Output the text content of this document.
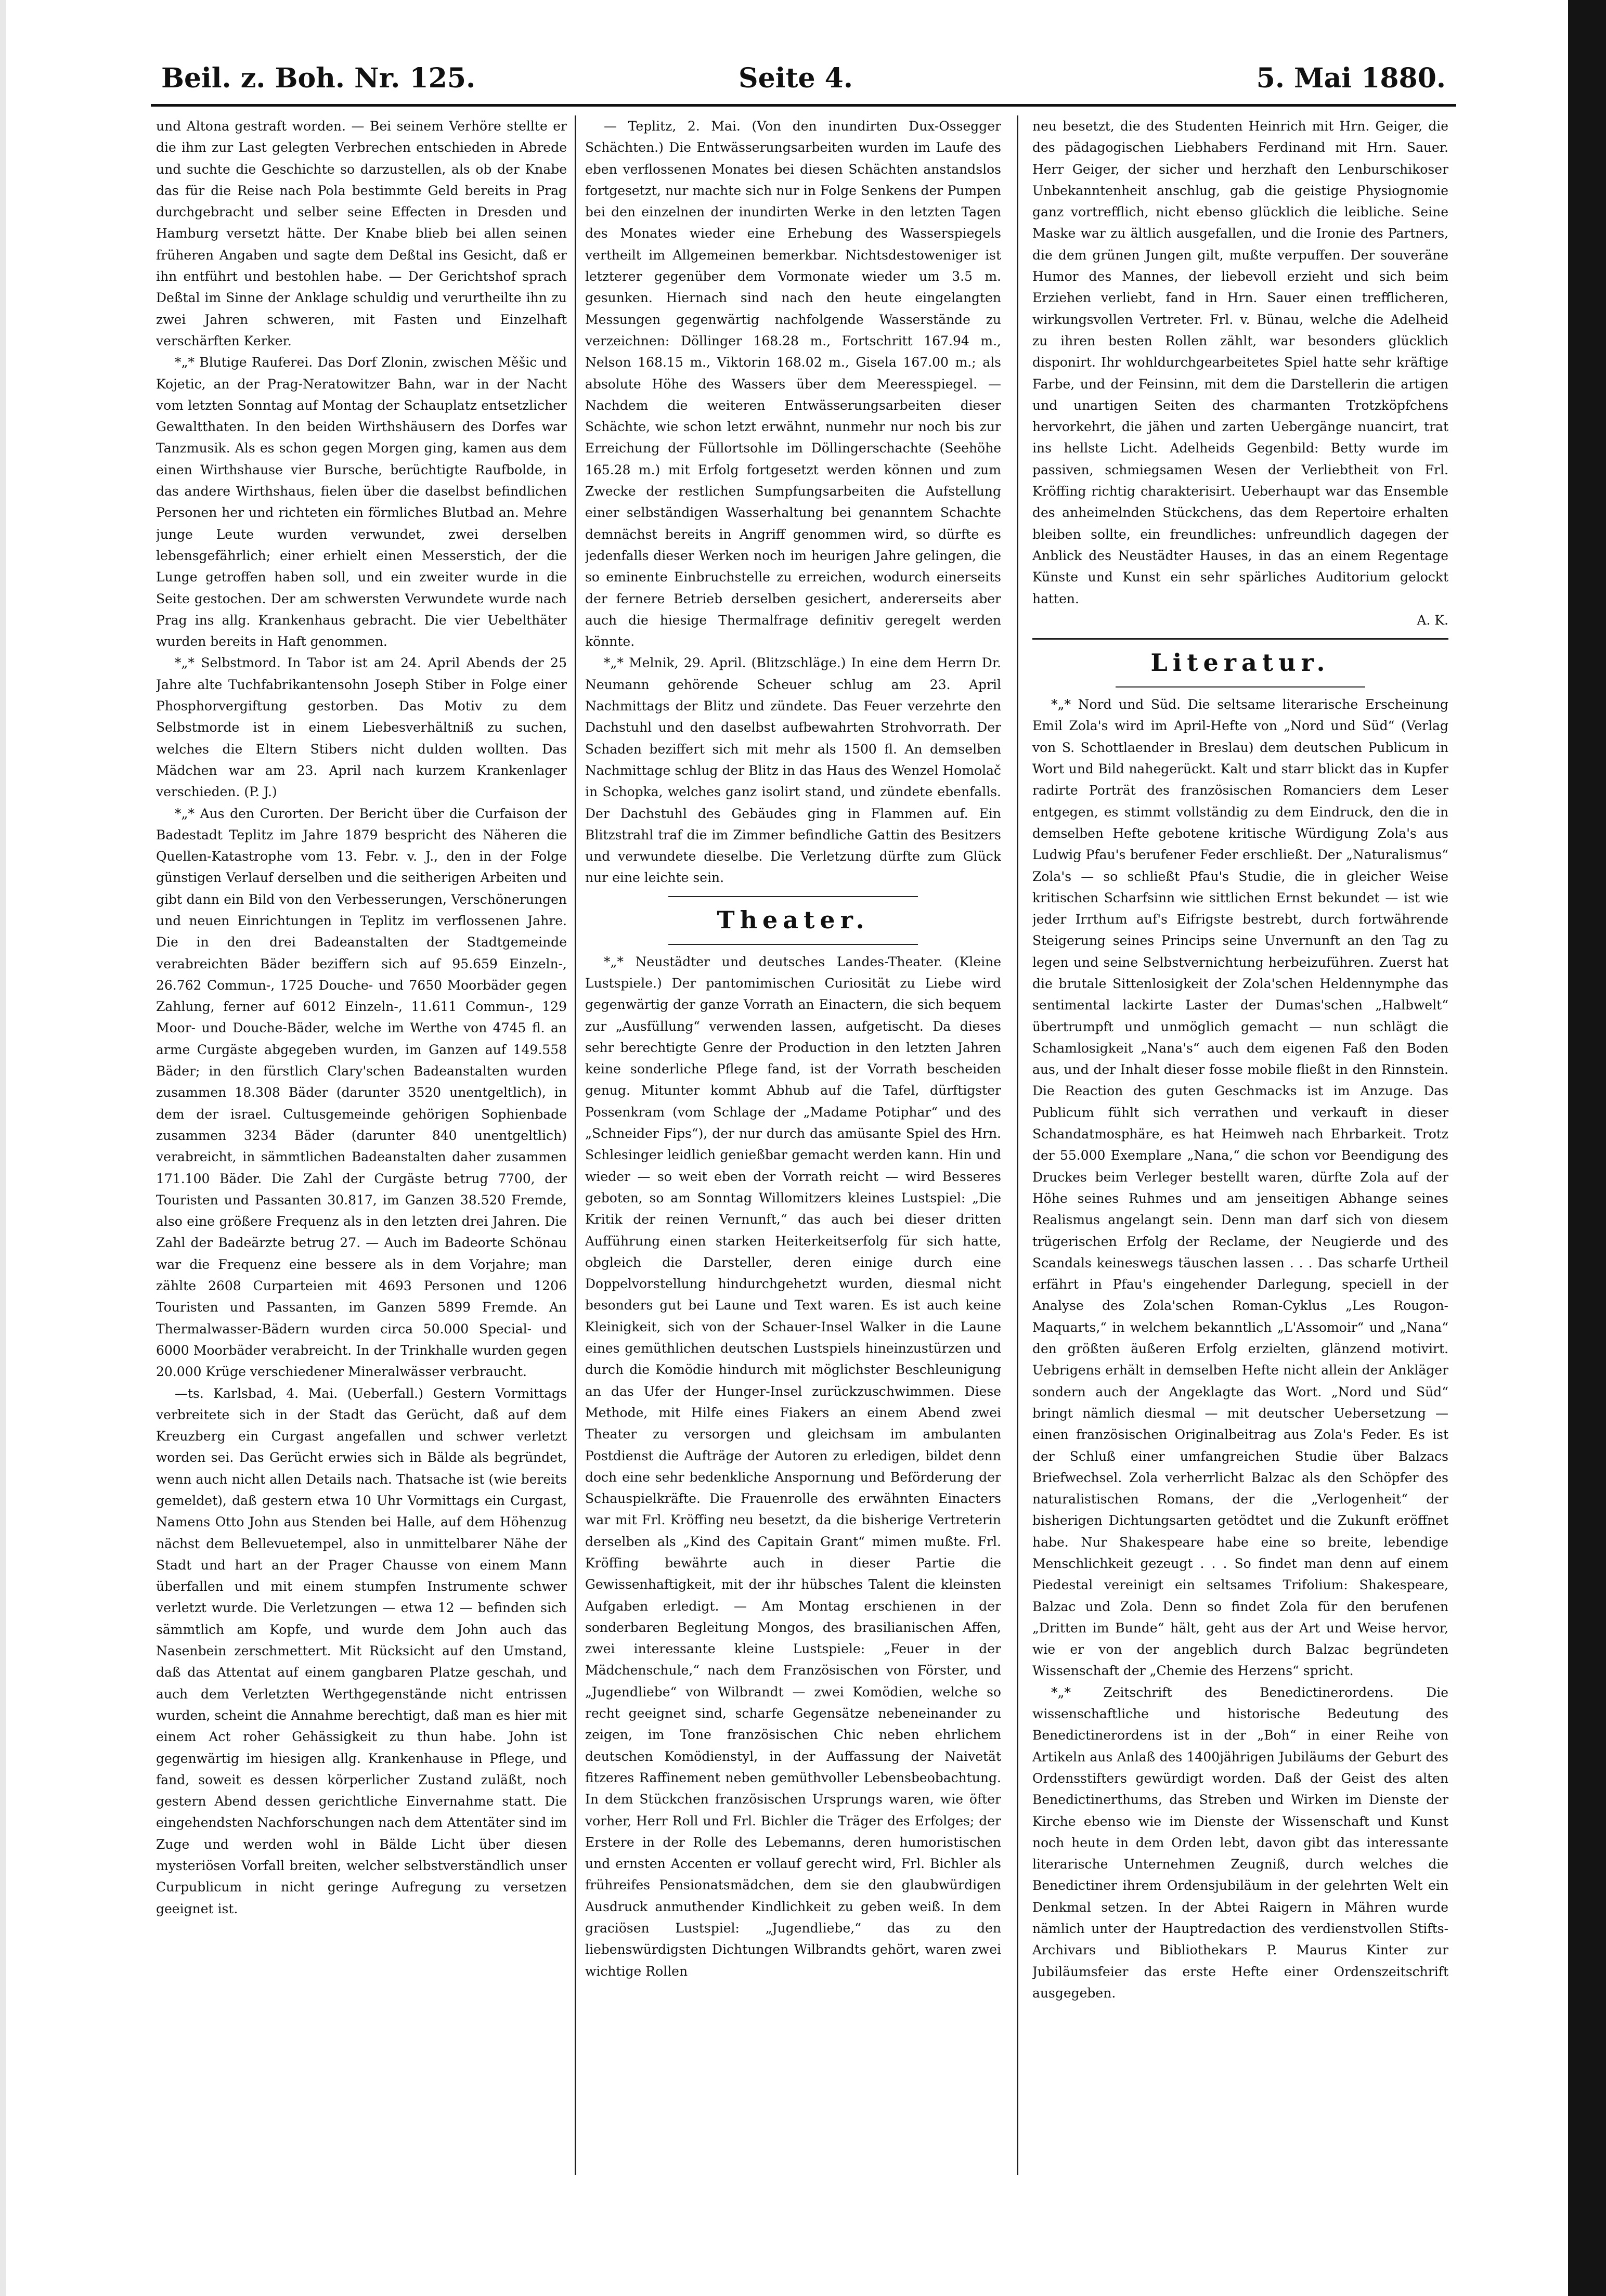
Beil. z. Boh. Nr. 125.	Seite 4.	5. Mai 1880.

und Altona gestraft worden. — Bei seinem Verhöre stellte er die ihm zur Last gelegten Verbrechen entschieden in Abrede und suchte die Geschichte so darzustellen, als ob der Knabe das für die Reise nach Pola bestimmte Geld bereits in Prag durchgebracht und selber seine Effecten in Dresden und Hamburg versetzt hätte. Der Knabe blieb bei allen seinen früheren Angaben und sagte dem Deßtal ins Gesicht, daß er ihn entführt und bestohlen habe. — Der Gerichtshof sprach Deßtal im Sinne der Anklage schuldig und verurtheilte ihn zu zwei Jahren schweren, mit Fasten und Einzelhaft verschärften Kerker.

*„* Blutige Rauferei. Das Dorf Zlonin, zwischen Měšic und Kojetic, an der Prag-Neratowitzer Bahn, war in der Nacht vom letzten Sonntag auf Montag der Schauplatz entsetzlicher Gewaltthaten. In den beiden Wirthshäusern des Dorfes war Tanzmusik. Als es schon gegen Morgen ging, kamen aus dem einen Wirthshause vier Bursche, berüchtigte Raufbolde, in das andere Wirthshaus, fielen über die daselbst befindlichen Personen her und richteten ein förmliches Blutbad an. Mehre junge Leute wurden verwundet, zwei derselben lebensgefährlich; einer erhielt einen Messerstich, der die Lunge getroffen haben soll, und ein zweiter wurde in die Seite gestochen. Der am schwersten Verwundete wurde nach Prag ins allg. Krankenhaus gebracht. Die vier Uebelthäter wurden bereits in Haft genommen.

*„* Selbstmord. In Tabor ist am 24. April Abends der 25 Jahre alte Tuchfabrikantensohn Joseph Stiber in Folge einer Phosphorvergiftung gestorben. Das Motiv zu dem Selbstmorde ist in einem Liebesverhältniß zu suchen, welches die Eltern Stibers nicht dulden wollten. Das Mädchen war am 23. April nach kurzem Krankenlager verschieden. (P. J.)

*„* Aus den Curorten. Der Bericht über die Curfaison der Badestadt Teplitz im Jahre 1879 bespricht des Näheren die Quellen-Katastrophe vom 13. Febr. v. J., den in der Folge günstigen Verlauf derselben und die seitherigen Arbeiten und gibt dann ein Bild von den Verbesserungen, Verschönerungen und neuen Einrichtungen in Teplitz im verflossenen Jahre. Die in den drei Badeanstalten der Stadtgemeinde verabreichten Bäder beziffern sich auf 95.659 Einzeln-, 26.762 Commun-, 1725 Douche- und 7650 Moorbäder gegen Zahlung, ferner auf 6012 Einzeln-, 11.611 Commun-, 129 Moor- und Douche-Bäder, welche im Werthe von 4745 fl. an arme Curgäste abgegeben wurden, im Ganzen auf 149.558 Bäder; in den fürstlich Clary'schen Badeanstalten wurden zusammen 18.308 Bäder (darunter 3520 unentgeltlich), in dem der israel. Cultusgemeinde gehörigen Sophienbade zusammen 3234 Bäder (darunter 840 unentgeltlich) verabreicht, in sämmtlichen Badeanstalten daher zusammen 171.100 Bäder. Die Zahl der Curgäste betrug 7700, der Touristen und Passanten 30.817, im Ganzen 38.520 Fremde, also eine größere Frequenz als in den letzten drei Jahren. Die Zahl der Badeärzte betrug 27. — Auch im Badeorte Schönau war die Frequenz eine bessere als in dem Vorjahre; man zählte 2608 Curparteien mit 4693 Personen und 1206 Touristen und Passanten, im Ganzen 5899 Fremde. An Thermalwasser-Bädern wurden circa 50.000 Special- und 6000 Moorbäder verabreicht. In der Trinkhalle wurden gegen 20.000 Krüge verschiedener Mineralwässer verbraucht.

—ts. Karlsbad, 4. Mai. (Ueberfall.) Gestern Vormittags verbreitete sich in der Stadt das Gerücht, daß auf dem Kreuzberg ein Curgast angefallen und schwer verletzt worden sei. Das Gerücht erwies sich in Bälde als begründet, wenn auch nicht allen Details nach. Thatsache ist (wie bereits gemeldet), daß gestern etwa 10 Uhr Vormittags ein Curgast, Namens Otto John aus Stenden bei Halle, auf dem Höhenzug nächst dem Bellevuetempel, also in unmittelbarer Nähe der Stadt und hart an der Prager Chausse von einem Mann überfallen und mit einem stumpfen Instrumente schwer verletzt wurde. Die Verletzungen — etwa 12 — befinden sich sämmtlich am Kopfe, und wurde dem John auch das Nasenbein zerschmettert. Mit Rücksicht auf den Umstand, daß das Attentat auf einem gangbaren Platze geschah, und auch dem Verletzten Werthgegenstände nicht entrissen wurden, scheint die Annahme berechtigt, daß man es hier mit einem Act roher Gehässigkeit zu thun habe. John ist gegenwärtig im hiesigen allg. Krankenhause in Pflege, und fand, soweit es dessen körperlicher Zustand zuläßt, noch gestern Abend dessen gerichtliche Einvernahme statt. Die eingehendsten Nachforschungen nach dem Attentäter sind im Zuge und werden wohl in Bälde Licht über diesen mysteriösen Vorfall breiten, welcher selbstverständlich unser Curpublicum in nicht geringe Aufregung zu versetzen geeignet ist.

— Teplitz, 2. Mai. (Von den inundirten Dux-Ossegger Schächten.) Die Entwässerungsarbeiten wurden im Laufe des eben verflossenen Monates bei diesen Schächten anstandslos fortgesetzt, nur machte sich nur in Folge Senkens der Pumpen bei den einzelnen der inundirten Werke in den letzten Tagen des Monates wieder eine Erhebung des Wasserspiegels vertheilt im Allgemeinen bemerkbar. Nichtsdestoweniger ist letzterer gegenüber dem Vormonate wieder um 3.5 m. gesunken. Hiernach sind nach den heute eingelangten Messungen gegenwärtig nachfolgende Wasserstände zu verzeichnen: Döllinger 168.28 m., Fortschritt 167.94 m., Nelson 168.15 m., Viktorin 168.02 m., Gisela 167.00 m.; als absolute Höhe des Wassers über dem Meeresspiegel. — Nachdem die weiteren Entwässerungsarbeiten dieser Schächte, wie schon letzt erwähnt, nunmehr nur noch bis zur Erreichung der Füllortsohle im Döllingerschachte (Seehöhe 165.28 m.) mit Erfolg fortgesetzt werden können und zum Zwecke der restlichen Sumpfungsarbeiten die Aufstellung einer selbständigen Wasserhaltung bei genanntem Schachte demnächst bereits in Angriff genommen wird, so dürfte es jedenfalls dieser Werken noch im heurigen Jahre gelingen, die so eminente Einbruchstelle zu erreichen, wodurch einerseits der fernere Betrieb derselben gesichert, andererseits aber auch die hiesige Thermalfrage definitiv geregelt werden könnte.

*„* Melnik, 29. April. (Blitzschläge.) In eine dem Herrn Dr. Neumann gehörende Scheuer schlug am 23. April Nachmittags der Blitz und zündete. Das Feuer verzehrte den Dachstuhl und den daselbst aufbewahrten Strohvorrath. Der Schaden beziffert sich mit mehr als 1500 fl. An demselben Nachmittage schlug der Blitz in das Haus des Wenzel Homolač in Schopka, welches ganz isolirt stand, und zündete ebenfalls. Der Dachstuhl des Gebäudes ging in Flammen auf. Ein Blitzstrahl traf die im Zimmer befindliche Gattin des Besitzers und verwundete dieselbe. Die Verletzung dürfte zum Glück nur eine leichte sein.

Theater.

*„* Neustädter und deutsches Landes-Theater. (Kleine Lustspiele.) Der pantomimischen Curiosität zu Liebe wird gegenwärtig der ganze Vorrath an Einactern, die sich bequem zur „Ausfüllung“ verwenden lassen, aufgetischt. Da dieses sehr berechtigte Genre der Production in den letzten Jahren keine sonderliche Pflege fand, ist der Vorrath bescheiden genug. Mitunter kommt Abhub auf die Tafel, dürftigster Possenkram (vom Schlage der „Madame Potiphar“ und des „Schneider Fips“), der nur durch das amüsante Spiel des Hrn. Schlesinger leidlich genießbar gemacht werden kann. Hin und wieder — so weit eben der Vorrath reicht — wird Besseres geboten, so am Sonntag Willomitzers kleines Lustspiel: „Die Kritik der reinen Vernunft,“ das auch bei dieser dritten Aufführung einen starken Heiterkeitserfolg für sich hatte, obgleich die Darsteller, deren einige durch eine Doppelvorstellung hindurchgehetzt wurden, diesmal nicht besonders gut bei Laune und Text waren. Es ist auch keine Kleinigkeit, sich von der Schauer-Insel Walker in die Laune eines gemüthlichen deutschen Lustspiels hineinzustürzen und durch die Komödie hindurch mit möglichster Beschleunigung an das Ufer der Hunger-Insel zurückzuschwimmen. Diese Methode, mit Hilfe eines Fiakers an einem Abend zwei Theater zu versorgen und gleichsam im ambulanten Postdienst die Aufträge der Autoren zu erledigen, bildet denn doch eine sehr bedenkliche Anspornung und Beförderung der Schauspielkräfte. Die Frauenrolle des erwähnten Einacters war mit Frl. Kröffing neu besetzt, da die bisherige Vertreterin derselben als „Kind des Capitain Grant“ mimen mußte. Frl. Kröffing bewährte auch in dieser Partie die Gewissenhaftigkeit, mit der ihr hübsches Talent die kleinsten Aufgaben erledigt. — Am Montag erschienen in der sonderbaren Begleitung Mongos, des brasilianischen Affen, zwei interessante kleine Lustspiele: „Feuer in der Mädchenschule,“ nach dem Französischen von Förster, und „Jugendliebe“ von Wilbrandt — zwei Komödien, welche so recht geeignet sind, scharfe Gegensätze nebeneinander zu zeigen, im Tone französischen Chic neben ehrlichem deutschen Komödienstyl, in der Auffassung der Naivetät fitzeres Raffinement neben gemüthvoller Lebensbeobachtung. In dem Stückchen französischen Ursprungs waren, wie öfter vorher, Herr Roll und Frl. Bichler die Träger des Erfolges; der Erstere in der Rolle des Lebemanns, deren humoristischen und ernsten Accenten er vollauf gerecht wird, Frl. Bichler als frühreifes Pensionatsmädchen, dem sie den glaubwürdigen Ausdruck anmuthender Kindlichkeit zu geben weiß. In dem graciösen Lustspiel: „Jugendliebe,“ das zu den liebenswürdigsten Dichtungen Wilbrandts gehört, waren zwei wichtige Rollen

neu besetzt, die des Studenten Heinrich mit Hrn. Geiger, die des pädagogischen Liebhabers Ferdinand mit Hrn. Sauer. Herr Geiger, der sicher und herzhaft den Lenburschikoser Unbekanntenheit anschlug, gab die geistige Physiognomie ganz vortrefflich, nicht ebenso glücklich die leibliche. Seine Maske war zu ältlich ausgefallen, und die Ironie des Partners, die dem grünen Jungen gilt, mußte verpuffen. Der souveräne Humor des Mannes, der liebevoll erzieht und sich beim Erziehen verliebt, fand in Hrn. Sauer einen trefflicheren, wirkungsvollen Vertreter. Frl. v. Bünau, welche die Adelheid zu ihren besten Rollen zählt, war besonders glücklich disponirt. Ihr wohldurchgearbeitetes Spiel hatte sehr kräftige Farbe, und der Feinsinn, mit dem die Darstellerin die artigen und unartigen Seiten des charmanten Trotzköpfchens hervorkehrt, die jähen und zarten Uebergänge nuancirt, trat ins hellste Licht. Adelheids Gegenbild: Betty wurde im passiven, schmiegsamen Wesen der Verliebtheit von Frl. Kröffing richtig charakterisirt. Ueberhaupt war das Ensemble des anheimelnden Stückchens, das dem Repertoire erhalten bleiben sollte, ein freundliches: unfreundlich dagegen der Anblick des Neustädter Hauses, in das an einem Regentage Künste und Kunst ein sehr spärliches Auditorium gelockt hatten.

A. K.

Literatur.

*„* Nord und Süd. Die seltsame literarische Erscheinung Emil Zola's wird im April-Hefte von „Nord und Süd“ (Verlag von S. Schottlaender in Breslau) dem deutschen Publicum in Wort und Bild nahegerückt. Kalt und starr blickt das in Kupfer radirte Porträt des französischen Romanciers dem Leser entgegen, es stimmt vollständig zu dem Eindruck, den die in demselben Hefte gebotene kritische Würdigung Zola's aus Ludwig Pfau's berufener Feder erschließt. Der „Naturalismus“ Zola's — so schließt Pfau's Studie, die in gleicher Weise kritischen Scharfsinn wie sittlichen Ernst bekundet — ist wie jeder Irrthum auf's Eifrigste bestrebt, durch fortwährende Steigerung seines Princips seine Unvernunft an den Tag zu legen und seine Selbstvernichtung herbeizuführen. Zuerst hat die brutale Sittenlosigkeit der Zola'schen Heldennymphe das sentimental lackirte Laster der Dumas'schen „Halbwelt“ übertrumpft und unmöglich gemacht — nun schlägt die Schamlosigkeit „Nana's“ auch dem eigenen Faß den Boden aus, und der Inhalt dieser fosse mobile fließt in den Rinnstein. Die Reaction des guten Geschmacks ist im Anzuge. Das Publicum fühlt sich verrathen und verkauft in dieser Schandatmosphäre, es hat Heimweh nach Ehrbarkeit. Trotz der 55.000 Exemplare „Nana,“ die schon vor Beendigung des Druckes beim Verleger bestellt waren, dürfte Zola auf der Höhe seines Ruhmes und am jenseitigen Abhange seines Realismus angelangt sein. Denn man darf sich von diesem trügerischen Erfolg der Reclame, der Neugierde und des Scandals keineswegs täuschen lassen . . . Das scharfe Urtheil erfährt in Pfau's eingehender Darlegung, speciell in der Analyse des Zola'schen Roman-Cyklus „Les Rougon-Maquarts,“ in welchem bekanntlich „L'Assomoir“ und „Nana“ den größten äußeren Erfolg erzielten, glänzend motivirt. Uebrigens erhält in demselben Hefte nicht allein der Ankläger sondern auch der Angeklagte das Wort. „Nord und Süd“ bringt nämlich diesmal — mit deutscher Uebersetzung — einen französischen Originalbeitrag aus Zola's Feder. Es ist der Schluß einer umfangreichen Studie über Balzacs Briefwechsel. Zola verherrlicht Balzac als den Schöpfer des naturalistischen Romans, der die „Verlogenheit“ der bisherigen Dichtungsarten getödtet und die Zukunft eröffnet habe. Nur Shakespeare habe eine so breite, lebendige Menschlichkeit gezeugt . . . So findet man denn auf einem Piedestal vereinigt ein seltsames Trifolium: Shakespeare, Balzac und Zola. Denn so findet Zola für den berufenen „Dritten im Bunde“ hält, geht aus der Art und Weise hervor, wie er von der angeblich durch Balzac begründeten Wissenschaft der „Chemie des Herzens“ spricht.

*„* Zeitschrift des Benedictinerordens. Die wissenschaftliche und historische Bedeutung des Benedictinerordens ist in der „Boh“ in einer Reihe von Artikeln aus Anlaß des 1400jährigen Jubiläums der Geburt des Ordensstifters gewürdigt worden. Daß der Geist des alten Benedictinerthums, das Streben und Wirken im Dienste der Kirche ebenso wie im Dienste der Wissenschaft und Kunst noch heute in dem Orden lebt, davon gibt das interessante literarische Unternehmen Zeugniß, durch welches die Benedictiner ihrem Ordensjubiläum in der gelehrten Welt ein Denkmal setzen. In der Abtei Raigern in Mähren wurde nämlich unter der Hauptredaction des verdienstvollen Stifts-Archivars und Bibliothekars P. Maurus Kinter zur Jubiläumsfeier das erste Hefte einer Ordenszeitschrift ausgegeben.
